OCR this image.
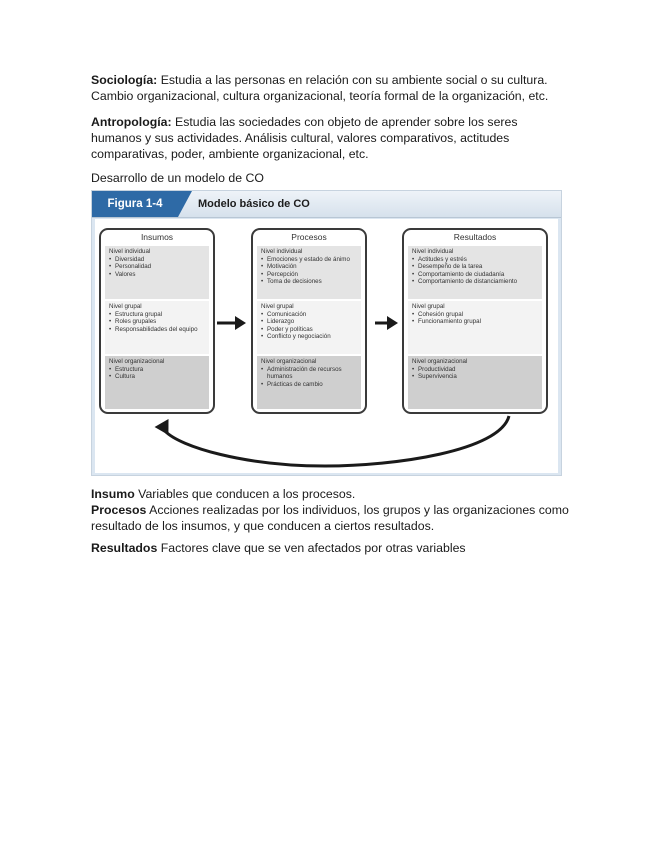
Sociología: Estudia a las personas en relación con su ambiente social o su cultura. Cambio organizacional, cultura organizacional, teoría formal de la organización, etc.

Antropología: Estudia las sociedades con objeto de aprender sobre los seres humanos y sus actividades. Análisis cultural, valores comparativos, actitudes comparativas, poder, ambiente organizacional, etc.

Desarrollo de un modelo de CO

Figura 1-4	Modelo básico de CO
Insumos
Nivel individual
• Diversidad
• Personalidad
• Valores
Nivel grupal
• Estructura grupal
• Roles grupales
• Responsabilidades del equipo
Nivel organizacional
• Estructura
• Cultura
Procesos
Nivel individual
• Emociones y estado de ánimo
• Motivación
• Percepción
• Toma de decisiones
Nivel grupal
• Comunicación
• Liderazgo
• Poder y políticas
• Conflicto y negociación
Nivel organizacional
• Administración de recursos humanos
• Prácticas de cambio
Resultados
Nivel individual
• Actitudes y estrés
• Desempeño de la tarea
• Comportamiento de ciudadanía
• Comportamiento de distanciamiento
Nivel grupal
• Cohesión grupal
• Funcionamiento grupal
Nivel organizacional
• Productividad
• Supervivencia

Insumo Variables que conducen a los procesos.

Procesos Acciones realizadas por los individuos, los grupos y las organizaciones como resultado de los insumos, y que conducen a ciertos resultados.

Resultados Factores clave que se ven afectados por otras variables
